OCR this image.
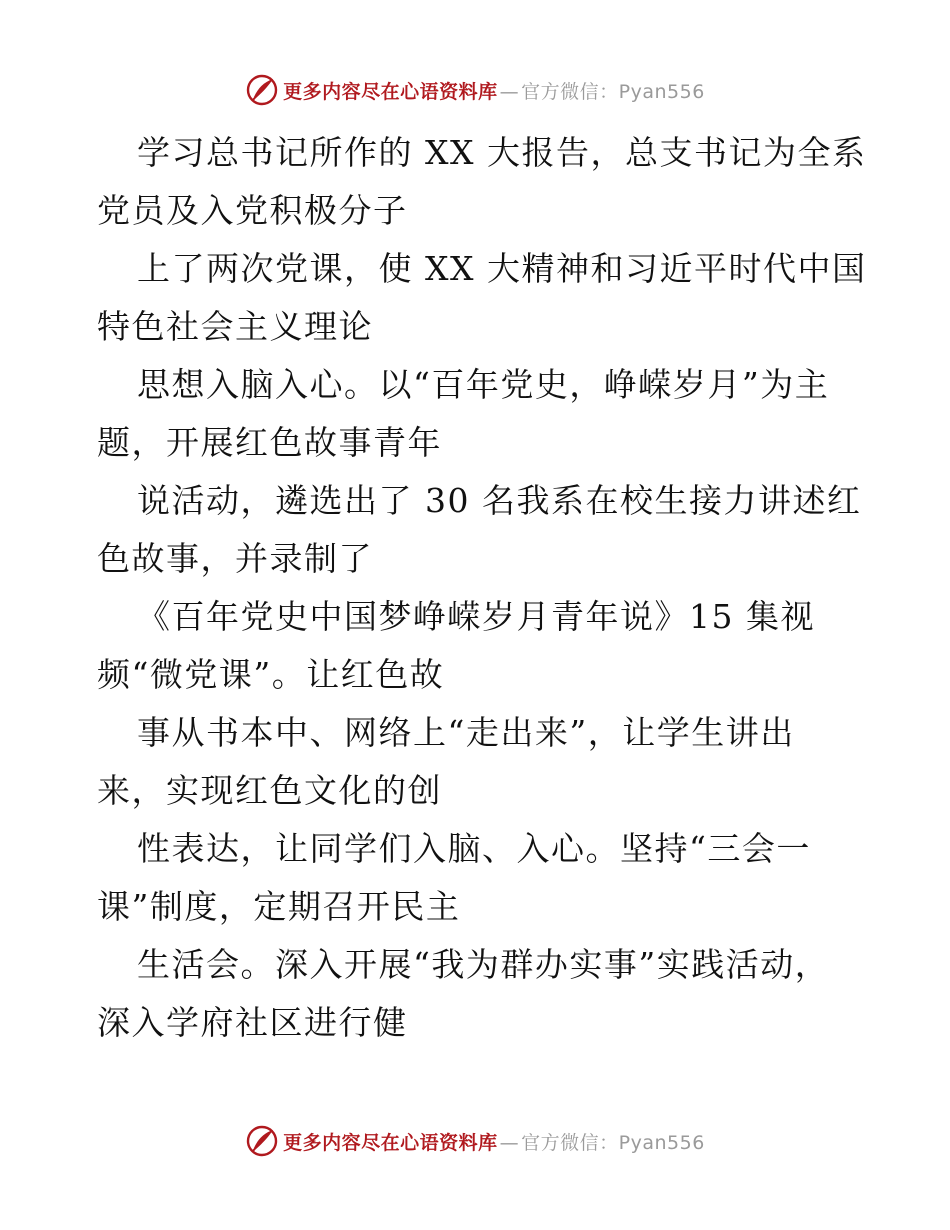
更多内容尽在心语资料库 — 官方微信：Pyan556
学习总书记所作的 XX 大报告，总支书记为全系
党员及入党积极分子
上了两次党课，使 XX 大精神和习近平时代中国
特色社会主义理论
思想入脑入心。以“百年党史，峥嵘岁月”为主
题，开展红色故事青年
说活动，遴选出了 30 名我系在校生接力讲述红
色故事，并录制了
《百年党史中国梦峥嵘岁月青年说》15 集视
频“微党课”。让红色故
事从书本中、网络上“走出来”，让学生讲出
来，实现红色文化的创
性表达，让同学们入脑、入心。坚持“三会一
课”制度，定期召开民主
生活会。深入开展“我为群办实事”实践活动，
深入学府社区进行健
更多内容尽在心语资料库 — 官方微信：Pyan556
